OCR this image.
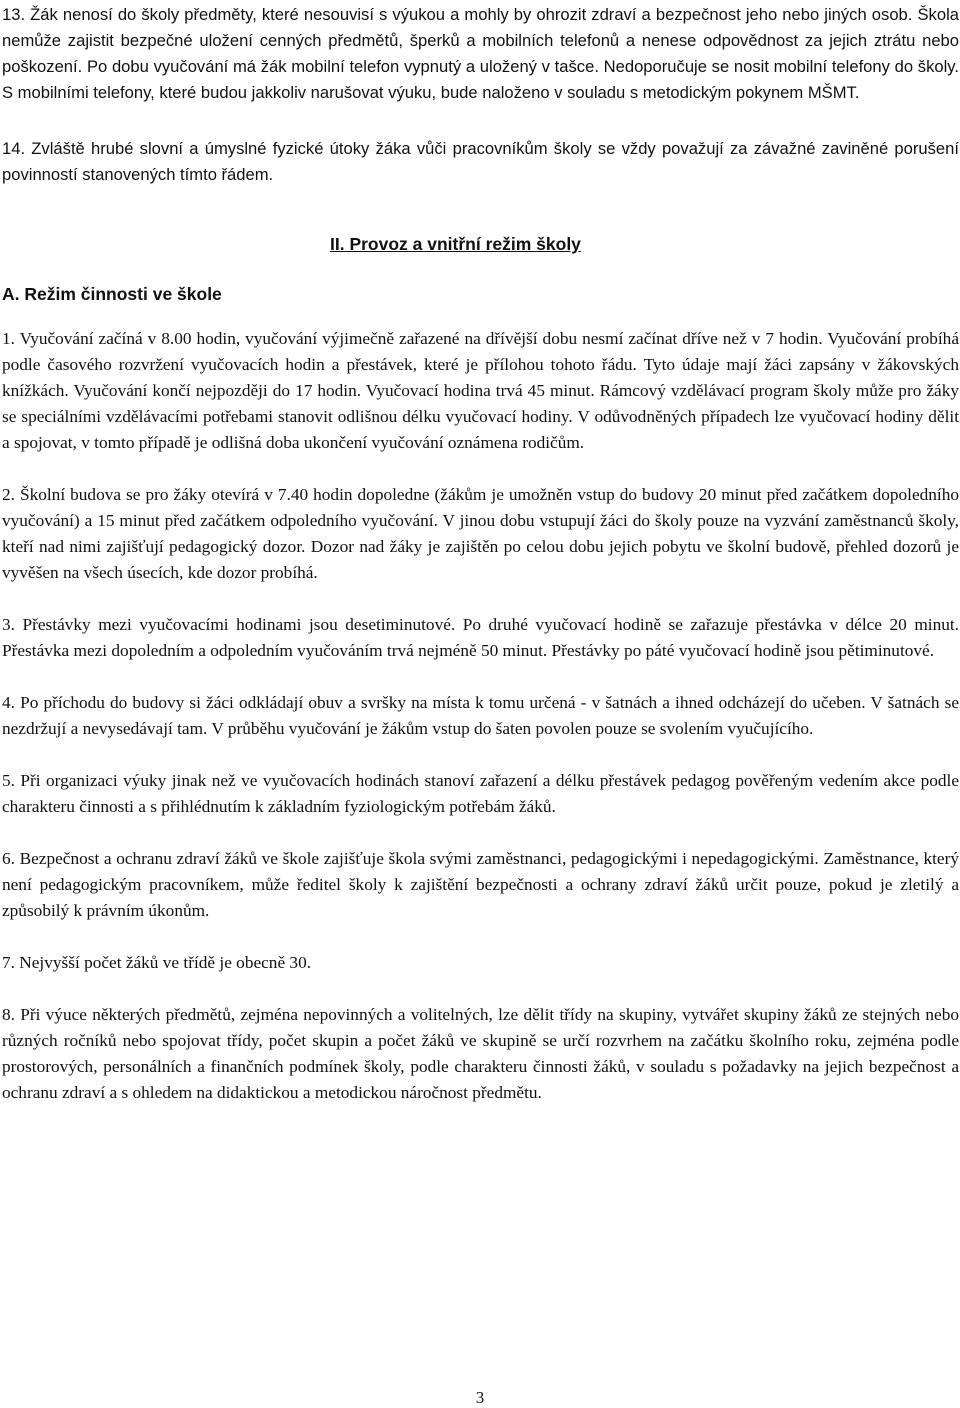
13. Žák nenosí do školy předměty, které nesouvisí s výukou a mohly by ohrozit zdraví a bezpečnost jeho nebo jiných osob. Škola nemůže zajistit bezpečné uložení cenných předmětů, šperků a mobilních telefonů a nenese odpovědnost za jejich ztrátu nebo poškození. Po dobu vyučování má žák mobilní telefon vypnutý a uložený v tašce. Nedoporučuje se nosit mobilní telefony do školy. S mobilními telefony, které budou jakkoliv narušovat výuku, bude naloženo v souladu s metodickým pokynem MŠMT.

14. Zvláště hrubé slovní a úmyslné fyzické útoky žáka vůči pracovníkům školy se vždy považují za závažné zaviněné porušení povinností stanovených tímto řádem.

II. Provoz a vnitřní režim školy
A. Režim činnosti ve škole

1. Vyučování začíná v 8.00 hodin, vyučování výjimečně zařazené na dřívější dobu nesmí začínat dříve než v 7 hodin. Vyučování probíhá podle časového rozvržení vyučovacích hodin a přestávek, které je přílohou tohoto řádu. Tyto údaje mají žáci zapsány v žákovských knížkách. Vyučování končí nejpozději do 17 hodin. Vyučovací hodina trvá 45 minut. Rámcový vzdělávací program školy může pro žáky se speciálními vzdělávacími potřebami stanovit odlišnou délku vyučovací hodiny. V odůvodněných případech lze vyučovací hodiny dělit a spojovat, v tomto případě je odlišná doba ukončení vyučování oznámena rodičům.

2. Školní budova se pro žáky otevírá v 7.40 hodin dopoledne (žákům je umožněn vstup do budovy 20 minut před začátkem dopoledního vyučování) a 15 minut před začátkem odpoledního vyučování. V jinou dobu vstupují žáci do školy pouze na vyzvání zaměstnanců školy, kteří nad nimi zajišťují pedagogický dozor. Dozor nad žáky je zajištěn po celou dobu jejich pobytu ve školní budově, přehled dozorů je vyvěšen na všech úsecích, kde dozor probíhá.

3. Přestávky mezi vyučovacími hodinami jsou desetiminutové. Po druhé vyučovací hodině se zařazuje přestávka v délce 20 minut. Přestávka mezi dopoledním a odpoledním vyučováním trvá nejméně 50 minut. Přestávky po páté vyučovací hodině jsou pětiminutové.

4. Po příchodu do budovy si žáci odkládají obuv a svršky na místa k tomu určená - v šatnách a ihned odcházejí do učeben. V šatnách se nezdržují a nevysedávají tam. V průběhu vyučování je žákům vstup do šaten povolen pouze se svolením vyučujícího.

5. Při organizaci výuky jinak než ve vyučovacích hodinách stanoví zařazení a délku přestávek pedagog pověřeným vedením akce podle charakteru činnosti a s přihlédnutím k základním fyziologickým potřebám žáků.

6. Bezpečnost a ochranu zdraví žáků ve škole zajišťuje škola svými zaměstnanci, pedagogickými i nepedagogickými. Zaměstnance, který není pedagogickým pracovníkem, může ředitel školy k zajištění bezpečnosti a ochrany zdraví žáků určit pouze, pokud je zletilý a způsobilý k právním úkonům.

7. Nejvyšší počet žáků ve třídě je obecně 30.

8. Při výuce některých předmětů, zejména nepovinných a volitelných, lze dělit třídy na skupiny, vytvářet skupiny žáků ze stejných nebo různých ročníků nebo spojovat třídy, počet skupin a počet žáků ve skupině se určí rozvrhem na začátku školního roku, zejména podle prostorových, personálních a finančních podmínek školy, podle charakteru činnosti žáků, v souladu s požadavky na jejich bezpečnost a ochranu zdraví a s ohledem na didaktickou a metodickou náročnost předmětu.

3
